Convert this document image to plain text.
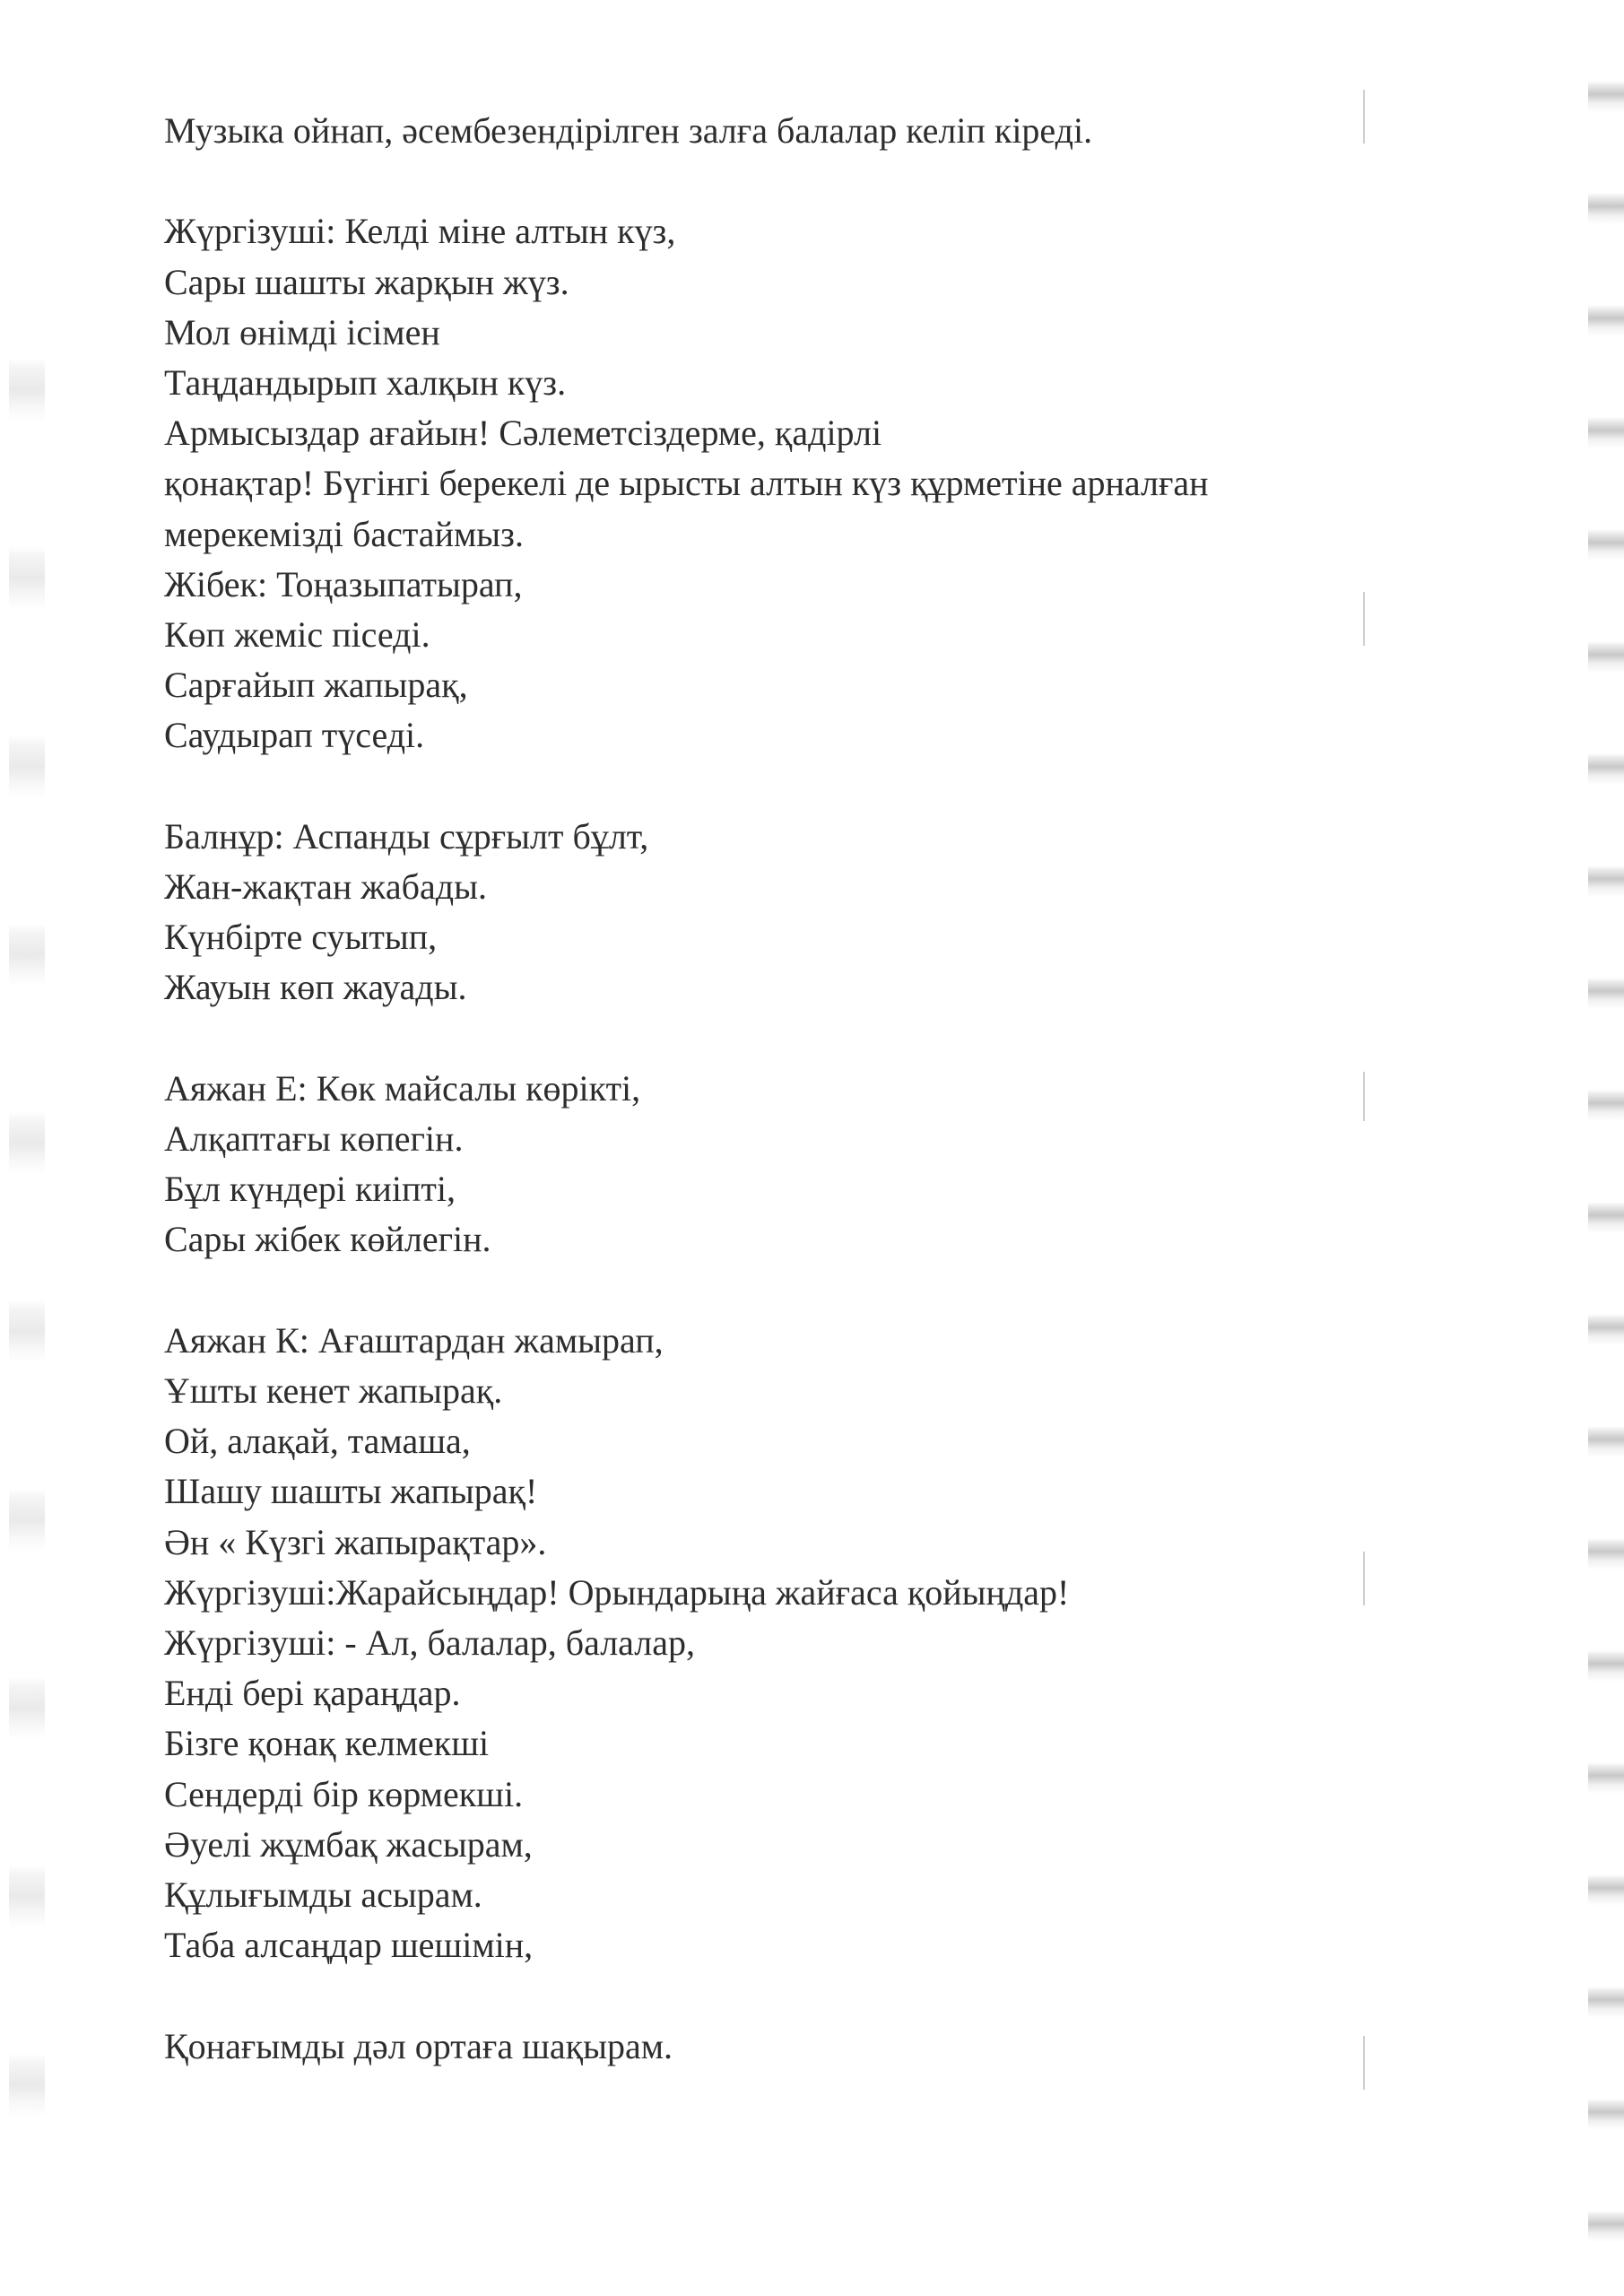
Музыка ойнап, әсембезендірілген залға балалар келіп кіреді.
Жүргізуші: Келді міне алтын күз,
Сары шашты жарқын жүз.
Мол өнімді ісімен
Таңдандырып халқын күз.
Армысыздар ағайын! Сәлеметсіздерме, қадірлі
қонақтар! Бүгінгі берекелі де ырысты алтын күз құрметіне арналған
мерекемізді бастаймыз.
Жібек: Тоңазыпатырап,
Көп жеміс піседі.
Сарғайып жапырақ,
Саудырап түседі.
Балнұр: Аспанды сұрғылт бұлт,
Жан-жақтан жабады.
Күнбірте суытып,
Жауын көп жауады.
Аяжан Е: Көк майсалы көрікті,
Алқаптағы көпегін.
Бұл күндері киіпті,
Сары жібек көйлегін.
Аяжан К: Ағаштардан жамырап,
Ұшты кенет жапырақ.
Ой, алақай, тамаша,
Шашу шашты жапырақ!
Ән « Күзгі жапырақтар».
Жүргізуші:Жарайсыңдар! Орындарыңа жайғаса қойыңдар!
Жүргізуші: - Ал, балалар, балалар,
Енді бері қараңдар.
Бізге қонақ келмекші
Сендерді бір көрмекші.
Әуелі жұмбақ жасырам,
Құлығымды асырам.
Таба алсаңдар шешімін,
Қонағымды дәл ортаға шақырам.
